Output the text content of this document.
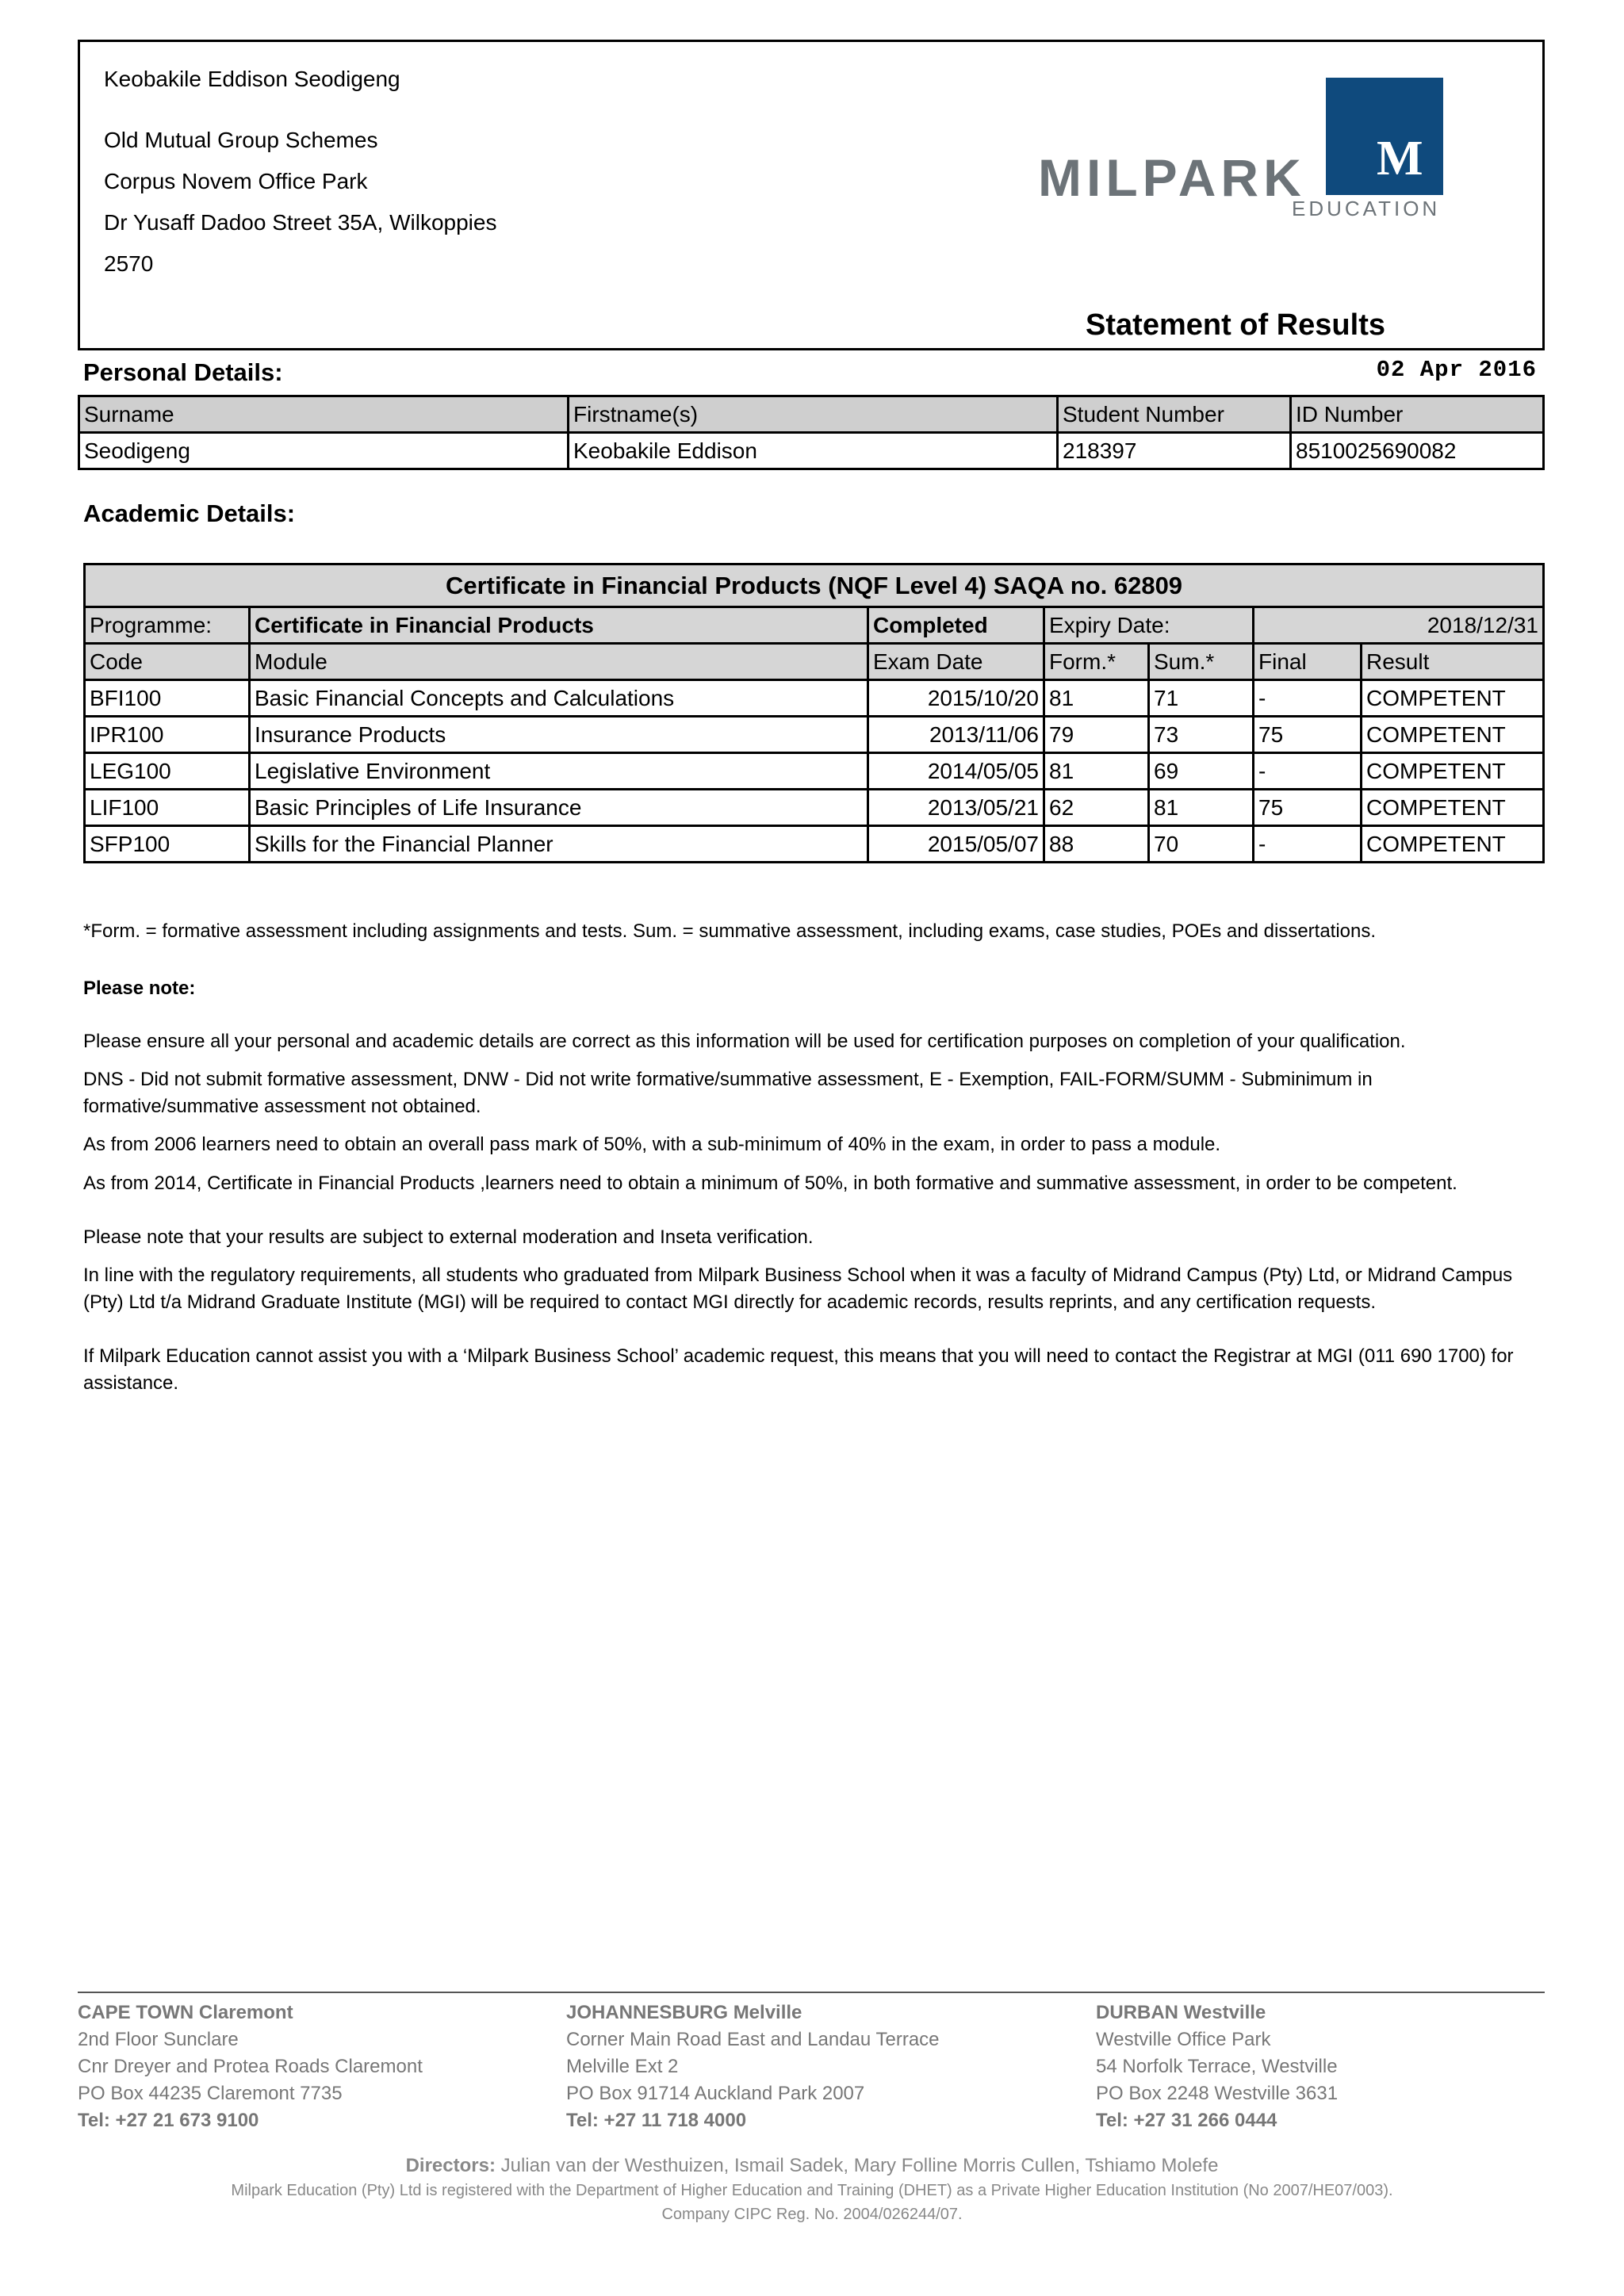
Keobakile Eddison Seodigeng
Old Mutual Group Schemes
Corpus Novem Office Park
Dr Yusaff Dadoo Street 35A, Wilkoppies
2570
Statement of Results
MILPARK M
EDUCATION
Personal Details:	02 Apr 2016
Surname	Firstname(s)	Student Number	ID Number
Seodigeng	Keobakile Eddison	218397	8510025690082
Academic Details:
Certificate in Financial Products (NQF Level 4) SAQA no. 62809						
Programme:	Certificate in Financial Products	Completed	Expiry Date:		2018/12/31	
Code	Module	Exam Date	Form.*	Sum.*	Final	Result
BFI100	Basic Financial Concepts and Calculations	2015/10/20	81	71	-	COMPETENT
IPR100	Insurance Products	2013/11/06	79	73	75	COMPETENT
LEG100	Legislative Environment	2014/05/05	81	69	-	COMPETENT
LIF100	Basic Principles of Life Insurance	2013/05/21	62	81	75	COMPETENT
SFP100	Skills for the Financial Planner	2015/05/07	88	70	-	COMPETENT
*Form. = formative assessment including assignments and tests. Sum. = summative assessment, including exams, case studies, POEs and dissertations.
Please note:
Please ensure all your personal and academic details are correct as this information will be used for certification purposes on completion of your qualification.
DNS - Did not submit formative assessment, DNW - Did not write formative/summative assessment, E - Exemption, FAIL-FORM/SUMM - Subminimum in formative/summative assessment not obtained.
As from 2006 learners need to obtain an overall pass mark of 50%, with a sub-minimum of 40% in the exam, in order to pass a module.
As from 2014, Certificate in Financial Products ,learners need to obtain a minimum of 50%, in both formative and summative assessment, in order to be competent.
Please note that your results are subject to external moderation and Inseta verification.
In line with the regulatory requirements, all students who graduated from Milpark Business School when it was a faculty of Midrand Campus (Pty) Ltd, or Midrand Campus (Pty) Ltd t/a Midrand Graduate Institute (MGI) will be required to contact MGI directly for academic records, results reprints, and any certification requests.
If Milpark Education cannot assist you with a ‘Milpark Business School’ academic request, this means that you will need to contact the Registrar at MGI (011 690 1700) for assistance.
CAPE TOWN Claremont
2nd Floor Sunclare
Cnr Dreyer and Protea Roads Claremont
PO Box 44235 Claremont 7735
Tel: +27 21 673 9100
JOHANNESBURG Melville
Corner Main Road East and Landau Terrace
Melville Ext 2
PO Box 91714 Auckland Park 2007
Tel: +27 11 718 4000
DURBAN Westville
Westville Office Park
54 Norfolk Terrace, Westville
PO Box 2248 Westville 3631
Tel: +27 31 266 0444
Directors: Julian van der Westhuizen, Ismail Sadek, Mary Folline Morris Cullen, Tshiamo Molefe
Milpark Education (Pty) Ltd is registered with the Department of Higher Education and Training (DHET) as a Private Higher Education Institution (No 2007/HE07/003).
Company CIPC Reg. No. 2004/026244/07.
